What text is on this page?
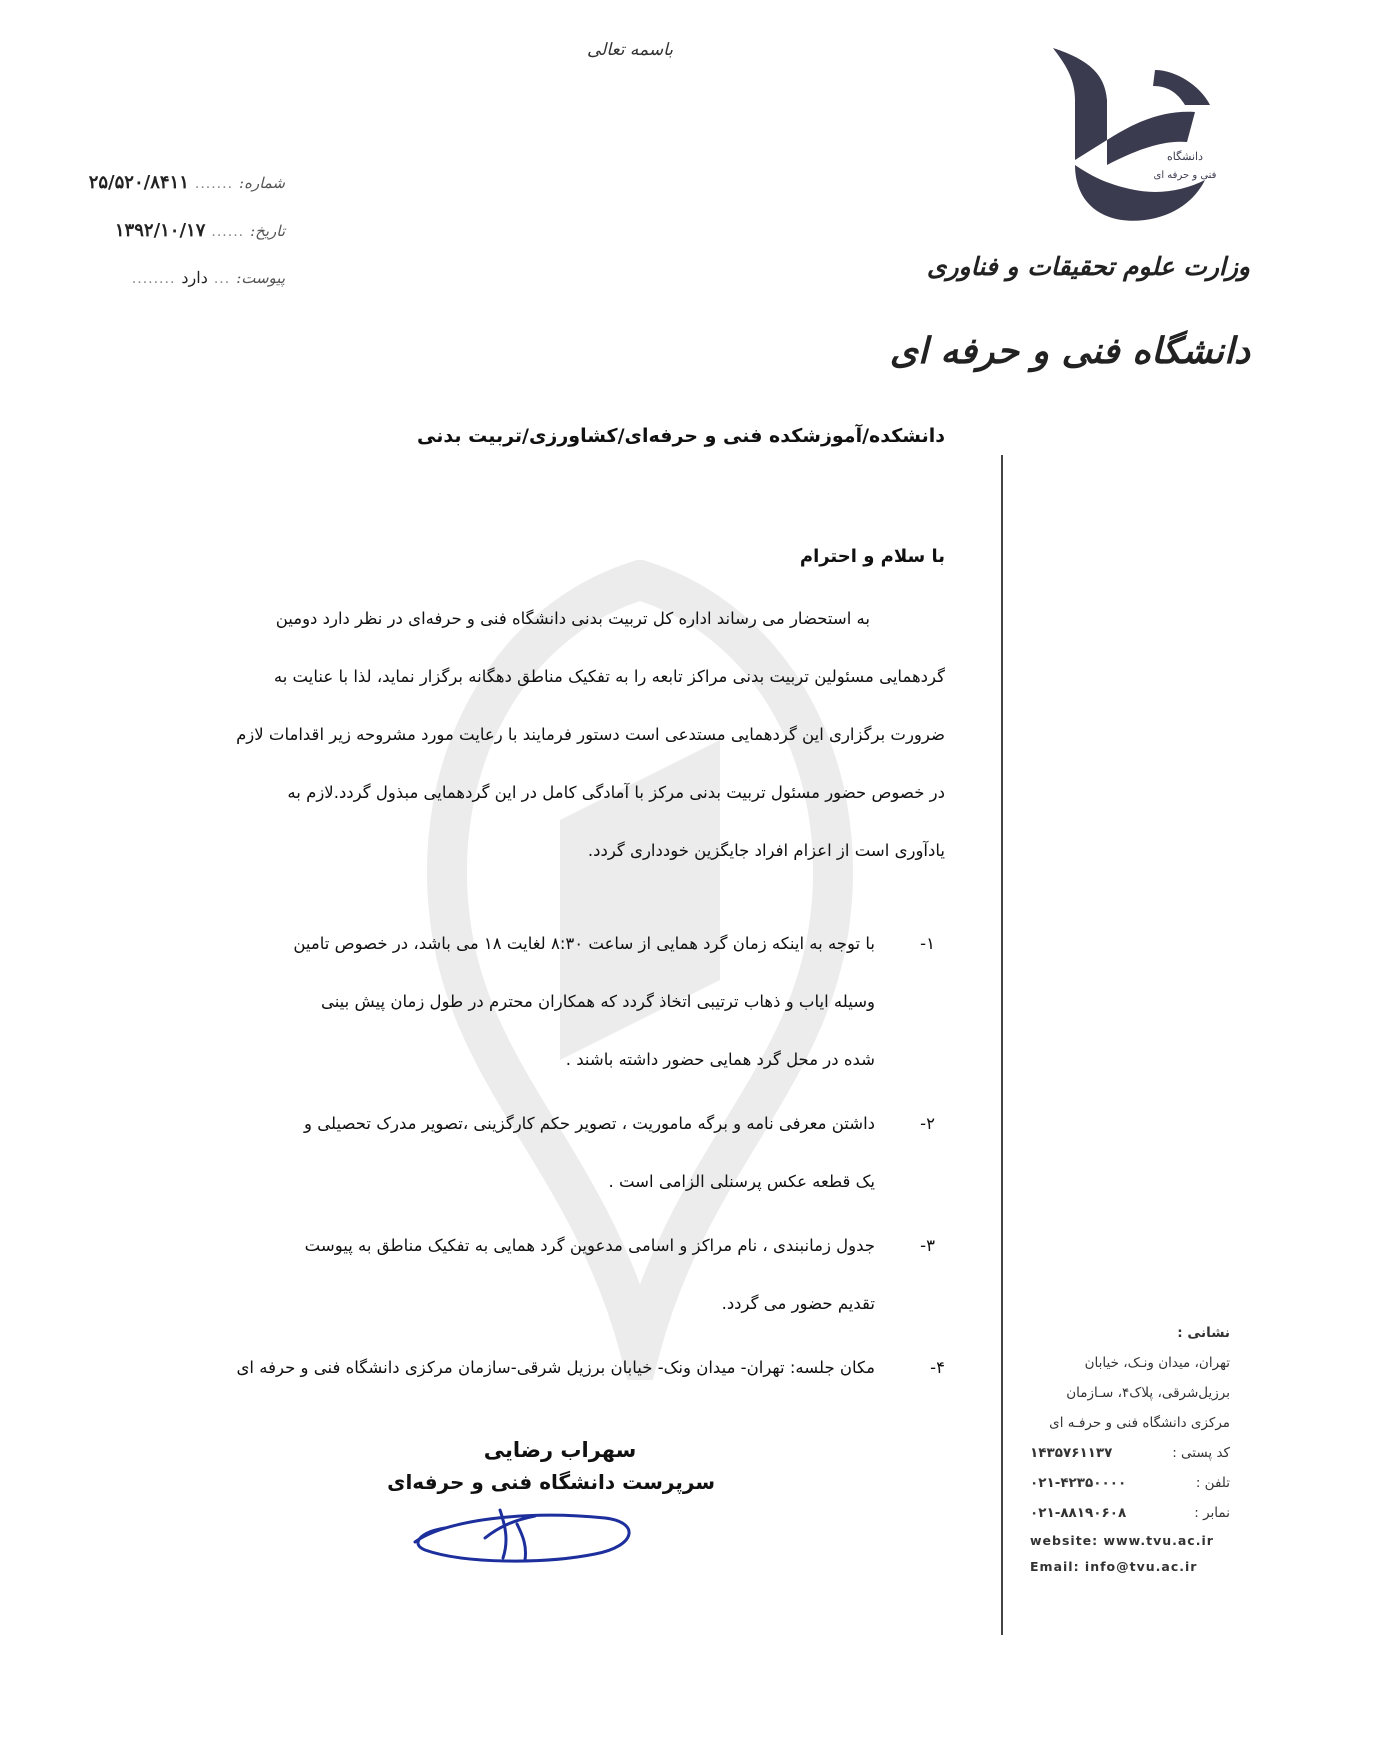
باسمه تعالی
شماره:
.......
۲۵/۵۲۰/۸۴۱۱
تاریخ:
......
۱۳۹۲/۱۰/۱۷
پیوست:
...
دارد
........
دانشگاه
فنی و حرفه ای
وزارت علوم تحقیقات و فناوری
دانشگاه فنی و حرفه ای
دانشکده/آموزشکده فنی و حرفه‌ای/کشاورزی/تربیت بدنی
با سلام و احترام
به استحضار می رساند اداره کل تربیت بدنی دانشگاه فنی و حرفه‌ای در نظر دارد دومین
گردهمایی مسئولین تربیت بدنی مراکز تابعه را به تفکیک مناطق دهگانه برگزار نماید، لذا با عنایت به
ضرورت برگزاری این گردهمایی مستدعی است دستور فرمایند با رعایت مورد مشروحه زیر اقدامات لازم
در خصوص حضور مسئول تربیت بدنی مرکز با آمادگی کامل در این گردهمایی مبذول گردد.لازم به
یادآوری است از اعزام افراد جایگزین خودداری گردد.
۱-
با توجه به اینکه زمان گرد همایی از ساعت ۸:۳۰ لغایت ۱۸ می باشد، در خصوص تامین
وسیله ایاب و ذهاب ترتیبی اتخاذ گردد که همکاران محترم در طول زمان پیش بینی
شده در محل گرد همایی حضور داشته باشند .
۲-
داشتن معرفی نامه و برگه ماموریت ، تصویر حکم کارگزینی ،تصویر مدرک تحصیلی و
یک قطعه عکس پرسنلی الزامی است .
۳-
جدول زمانبندی ، نام مراکز و اسامی مدعوین گرد همایی به تفکیک مناطق به پیوست
تقدیم حضور می گردد.
۴-
مکان جلسه: تهران- میدان ونک- خیابان برزیل شرقی-سازمان مرکزی دانشگاه فنی و حرفه ای
سهراب رضایی
سرپرست دانشگاه فنی و حرفه‌ای
نشانی :
تهران، میدان ونـک، خیابان
برزیل‌شرقی، پلاک۴، سـازمان
مرکزی دانشگاه فنی و حرفـه ای
کد پستی :
۱۴۳۵۷۶۱۱۳۷
تلفن :
۰۲۱-۴۲۳۵۰۰۰۰
نمابر :
۰۲۱-۸۸۱۹۰۶۰۸
website: www.tvu.ac.ir
Email: info@tvu.ac.ir
